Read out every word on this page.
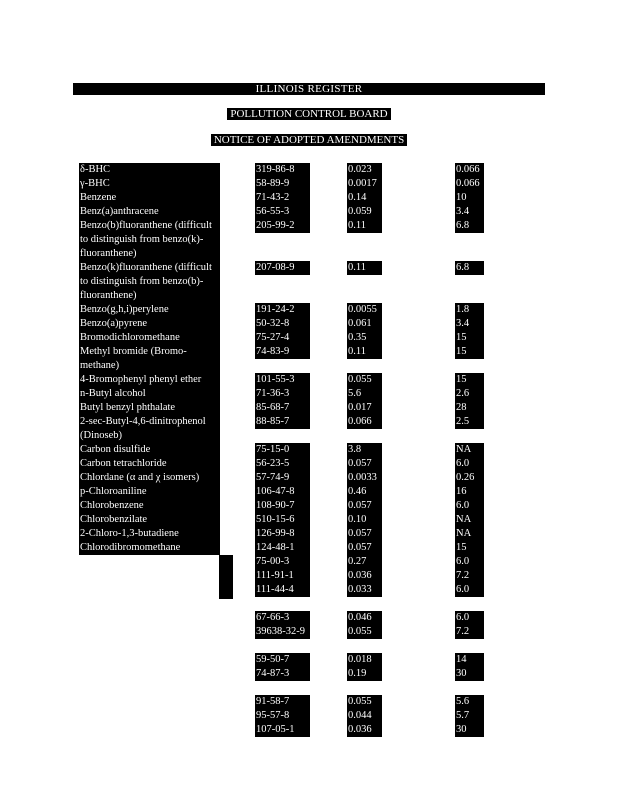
ILLINOIS REGISTER
POLLUTION CONTROL BOARD
NOTICE OF ADOPTED AMENDMENTS
δ-BHC	319-86-8	0.023	0.066
γ-BHC	58-89-9	0.0017	0.066
Benzene	71-43-2	0.14	10
Benz(a)anthracene	56-55-3	0.059	3.4
Benzo(b)fluoranthene (difficult
to distinguish from benzo(k)-
fluoranthene)
205-99-2	0.11	6.8
Benzo(k)fluoranthene (difficult
to distinguish from benzo(b)-
fluoranthene)
207-08-9	0.11	6.8
Benzo(g,h,i)perylene	191-24-2	0.0055	1.8
Benzo(a)pyrene	50-32-8	0.061	3.4
Bromodichloromethane	75-27-4	0.35	15
Methyl bromide (Bromo-
methane)
74-83-9	0.11	15
4-Bromophenyl phenyl ether	101-55-3	0.055	15
n-Butyl alcohol	71-36-3	5.6	2.6
Butyl benzyl phthalate	85-68-7	0.017	28
2-sec-Butyl-4,6-dinitrophenol
(Dinoseb)
88-85-7	0.066	2.5
Carbon disulfide	75-15-0	3.8	NA
Carbon tetrachloride	56-23-5	0.057	6.0
Chlordane (α and χ isomers)	57-74-9	0.0033	0.26
p-Chloroaniline	106-47-8	0.46	16
Chlorobenzene	108-90-7	0.057	6.0
Chlorobenzilate	510-15-6	0.10	NA
2-Chloro-1,3-butadiene	126-99-8	0.057	NA
Chlorodibromomethane	124-48-1	0.057	15
75-00-3	0.27	6.0
111-91-1	0.036	7.2
111-44-4	0.033	6.0
67-66-3	0.046	6.0
39638-32-9	0.055	7.2
59-50-7	0.018	14
74-87-3	0.19	30
91-58-7	0.055	5.6
95-57-8	0.044	5.7
107-05-1	0.036	30
